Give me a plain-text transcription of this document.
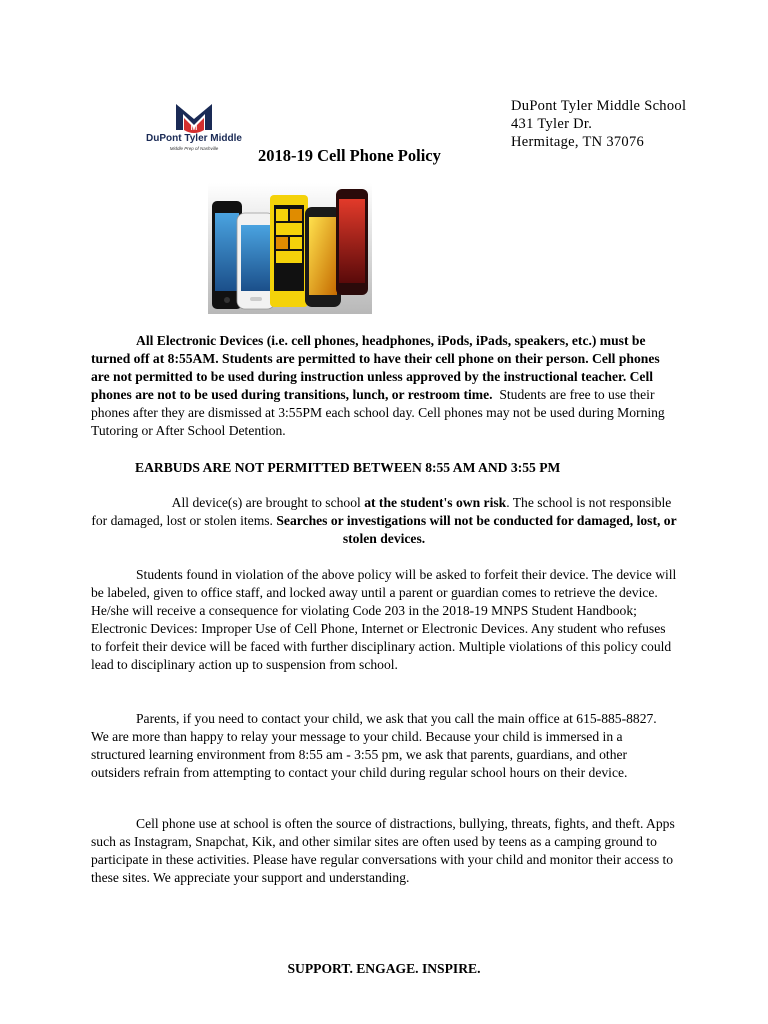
M
DuPont Tyler Middle
Middle Prep of Nashville
DuPont Tyler Middle School
431 Tyler Dr.
Hermitage, TN 37076
2018-19 Cell Phone Policy

All Electronic Devices (i.e. cell phones, headphones, iPods, iPads, speakers, etc.) must be turned off at 8:55AM. Students are permitted to have their cell phone on their person. Cell phones are not permitted to be used during instruction unless approved by the instructional teacher. Cell phones are not to be used during transitions, lunch, or restroom time. Students are free to use their phones after they are dismissed at 3:55PM each school day. Cell phones may not be used during Morning Tutoring or After School Detention.

EARBUDS ARE NOT PERMITTED BETWEEN 8:55 AM AND 3:55 PM

All device(s) are brought to school at the student's own risk. The school is not responsible for damaged, lost or stolen items. Searches or investigations will not be conducted for damaged, lost, or stolen devices.

Students found in violation of the above policy will be asked to forfeit their device. The device will be labeled, given to office staff, and locked away until a parent or guardian comes to retrieve the device. He/she will receive a consequence for violating Code 203 in the 2018-19 MNPS Student Handbook; Electronic Devices: Improper Use of Cell Phone, Internet or Electronic Devices. Any student who refuses to forfeit their device will be faced with further disciplinary action. Multiple violations of this policy could lead to disciplinary action up to suspension from school.

Parents, if you need to contact your child, we ask that you call the main office at 615-885-8827. We are more than happy to relay your message to your child. Because your child is immersed in a structured learning environment from 8:55 am - 3:55 pm, we ask that parents, guardians, and other outsiders refrain from attempting to contact your child during regular school hours on their device.

Cell phone use at school is often the source of distractions, bullying, threats, fights, and theft. Apps such as Instagram, Snapchat, Kik, and other similar sites are often used by teens as a camping ground to participate in these activities. Please have regular conversations with your child and monitor their access to these sites. We appreciate your support and understanding.

SUPPORT. ENGAGE. INSPIRE.
